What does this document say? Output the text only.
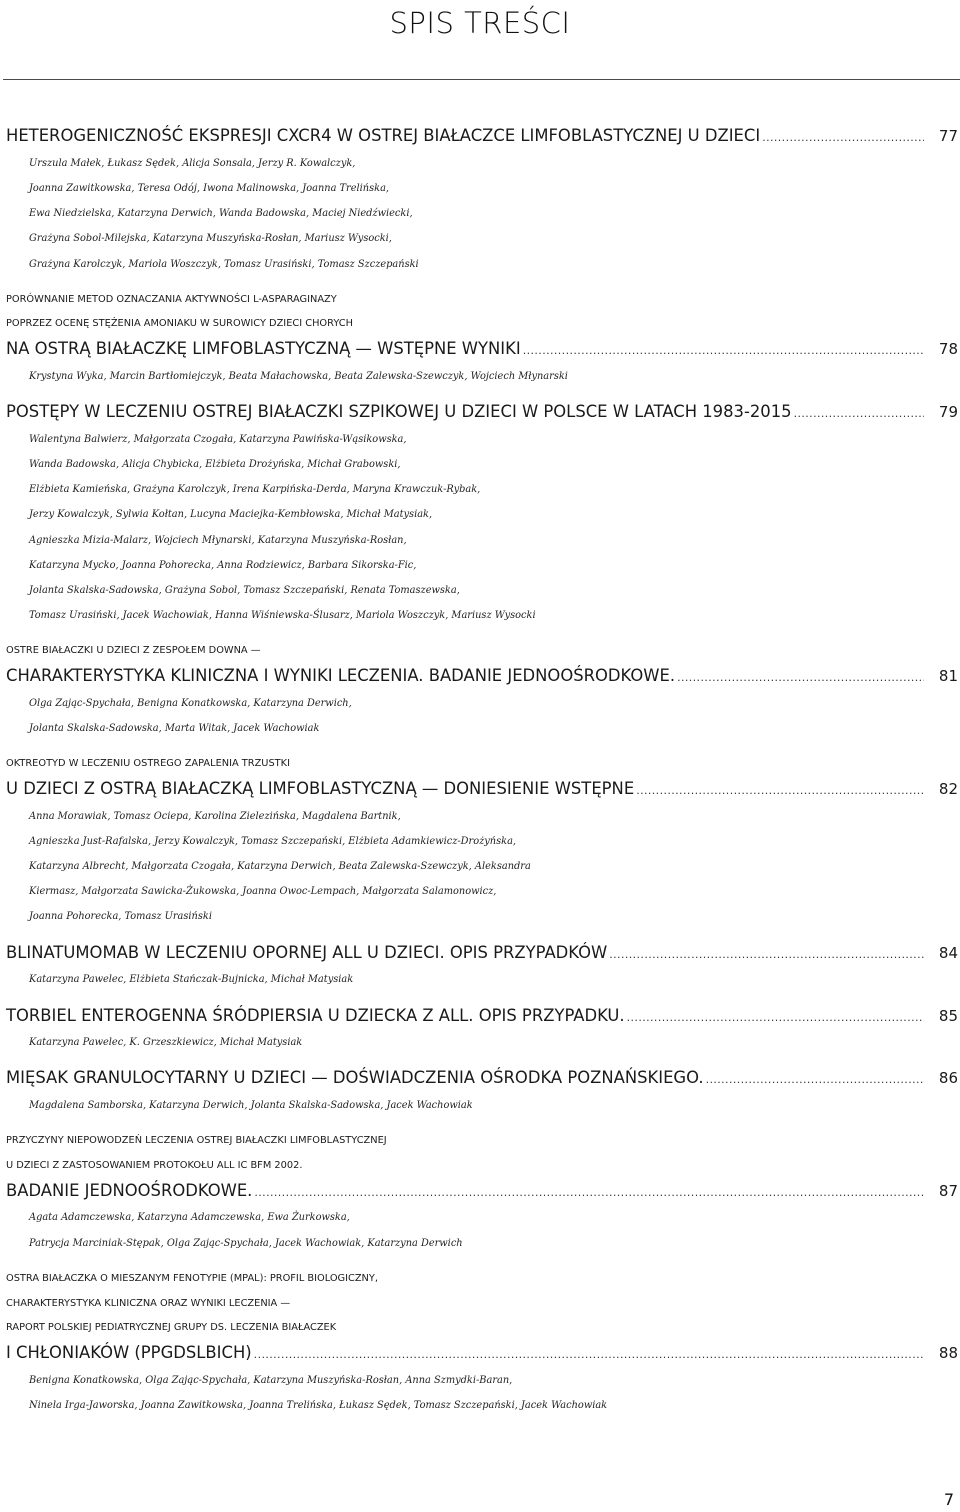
SPIS TREŚCI
HETEROGENICZNOŚĆ EKSPRESJI CXCR4 W OSTREJ BIAŁACZCE LIMFOBLASTYCZNEJ U DZIECI .....	77
Urszula Małek, Łukasz Sędek, Alicja Sonsala, Jerzy R. Kowalczyk,
Joanna Zawitkowska, Teresa Odój, Iwona Malinowska, Joanna Trelińska,
Ewa Niedzielska, Katarzyna Derwich, Wanda Badowska, Maciej Niedźwiecki,
Grażyna Sobol-Milejska, Katarzyna Muszyńska-Rosłan, Mariusz Wysocki,
Grażyna Karolczyk, Mariola Woszczyk, Tomasz Urasiński, Tomasz Szczepański
PORÓWNANIE METOD OZNACZANIA AKTYWNOŚCI L-ASPARAGINAZY
POPRZEZ OCENĘ STĘŻENIA AMONIAKU W SUROWICY DZIECI CHORYCH
NA OSTRĄ BIAŁACZKĘ LIMFOBLASTYCZNĄ — WSTĘPNE WYNIKI .....	78
Krystyna Wyka, Marcin Bartłomiejczyk, Beata Małachowska, Beata Zalewska-Szewczyk, Wojciech Młynarski
POSTĘPY W LECZENIU OSTREJ BIAŁACZKI SZPIKOWEJ U DZIECI W POLSCE W LATACH 1983-2015 .....	79
Walentyna Balwierz, Małgorzata Czogała, Katarzyna Pawińska-Wąsikowska,
Wanda Badowska, Alicja Chybicka, Elżbieta Drożyńska, Michał Grabowski,
Elżbieta Kamieńska, Grażyna Karolczyk, Irena Karpińska-Derda, Maryna Krawczuk-Rybak,
Jerzy Kowalczyk, Sylwia Kołtan, Lucyna Maciejka-Kembłowska, Michał Matysiak,
Agnieszka Mizia-Malarz, Wojciech Młynarski, Katarzyna Muszyńska-Rosłan,
Katarzyna Mycko, Joanna Pohorecka, Anna Rodziewicz, Barbara Sikorska-Fic,
Jolanta Skalska-Sadowska, Grażyna Sobol, Tomasz Szczepański, Renata Tomaszewska,
Tomasz Urasiński, Jacek Wachowiak, Hanna Wiśniewska-Ślusarz, Mariola Woszczyk, Mariusz Wysocki
OSTRE BIAŁACZKI U DZIECI Z ZESPOŁEM DOWNA —
CHARAKTERYSTYKA KLINICZNA I WYNIKI LECZENIA. BADANIE JEDNOOŚRODKOWE. .....	81
Olga Zając-Spychała, Benigna Konatkowska, Katarzyna Derwich,
Jolanta Skalska-Sadowska, Marta Witak, Jacek Wachowiak
OKTREOTYD W LECZENIU OSTREGO ZAPALENIA TRZUSTKI
U DZIECI Z OSTRĄ BIAŁACZKĄ LIMFOBLASTYCZNĄ — DONIESIENIE WSTĘPNE .....	82
Anna Morawiak, Tomasz Ociepa, Karolina Zielezińska, Magdalena Bartnik,
Agnieszka Just-Rafalska, Jerzy Kowalczyk, Tomasz Szczepański, Elżbieta Adamkiewicz-Drożyńska,
Katarzyna Albrecht, Małgorzata Czogała, Katarzyna Derwich, Beata Zalewska-Szewczyk, Aleksandra
Kiermasz, Małgorzata Sawicka-Żukowska, Joanna Owoc-Lempach, Małgorzata Salamonowicz,
Joanna Pohorecka, Tomasz Urasiński
BLINATUMOMAB W LECZENIU OPORNEJ ALL U DZIECI. OPIS PRZYPADKÓW .....	84
Katarzyna Pawelec, Elżbieta Stańczak-Bujnicka, Michał Matysiak
TORBIEL ENTEROGENNA ŚRÓDPIERSIA U DZIECKA Z ALL. OPIS PRZYPADKU. .....	85
Katarzyna Pawelec, K. Grzeszkiewicz, Michał Matysiak
MIĘSAK GRANULOCYTARNY U DZIECI — DOŚWIADCZENIA OŚRODKA POZNAŃSKIEGO. .....	86
Magdalena Samborska, Katarzyna Derwich, Jolanta Skalska-Sadowska, Jacek Wachowiak
PRZYCZYNY NIEPOWODZEŃ LECZENIA OSTREJ BIAŁACZKI LIMFOBLASTYCZNEJ
U DZIECI Z ZASTOSOWANIEM PROTOKOŁU ALL IC BFM 2002.
BADANIE JEDNOOŚRODKOWE. .....	87
Agata Adamczewska, Katarzyna Adamczewska, Ewa Żurkowska,
Patrycja Marciniak-Stępak, Olga Zając-Spychała, Jacek Wachowiak, Katarzyna Derwich
OSTRA BIAŁACZKA O MIESZANYM FENOTYPIE (MPAL): PROFIL BIOLOGICZNY,
CHARAKTERYSTYKA KLINICZNA ORAZ WYNIKI LECZENIA —
RAPORT POLSKIEJ PEDIATRYCZNEJ GRUPY DS. LECZENIA BIAŁACZEK
I CHŁONIAKÓW (PPGDSLBICH) .....	88
Benigna Konatkowska, Olga Zając-Spychała, Katarzyna Muszyńska-Rosłan, Anna Szmydki-Baran,
Ninela Irga-Jaworska, Joanna Zawitkowska, Joanna Trelińska, Łukasz Sędek, Tomasz Szczepański, Jacek Wachowiak
7
